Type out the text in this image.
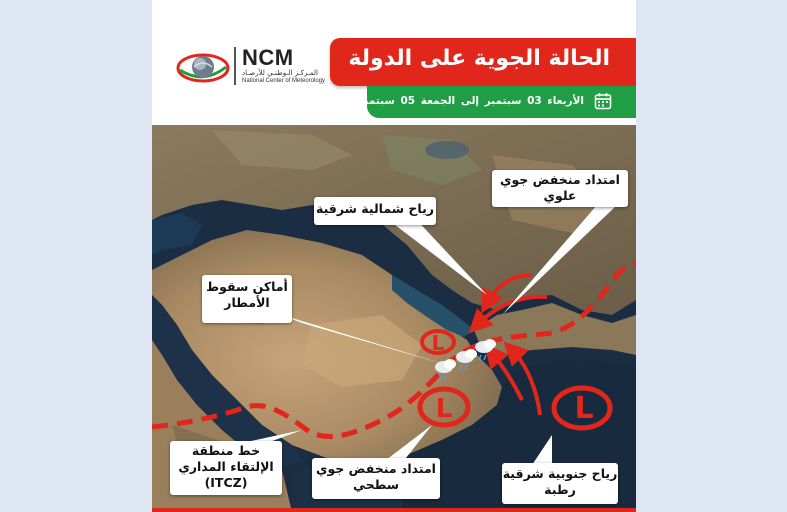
NCM
المـركـز الـوطنـي للأرصـاد
National Center of Meteorology
الحالة الجوية على الدولة
الأربعاء 03 سبتمبر إلى الجمعة 05 سبتمبر 2025
L
L	L
امتداد منخفض جوي
علوي
رياح شمالية شرقية
أماكن سقوط
الأمطار
خط منطقة
الإلتقاء المداري
(ITCZ)
امتداد منخفض جوي
سطحي
رياح جنوبية شرقية
رطبة
